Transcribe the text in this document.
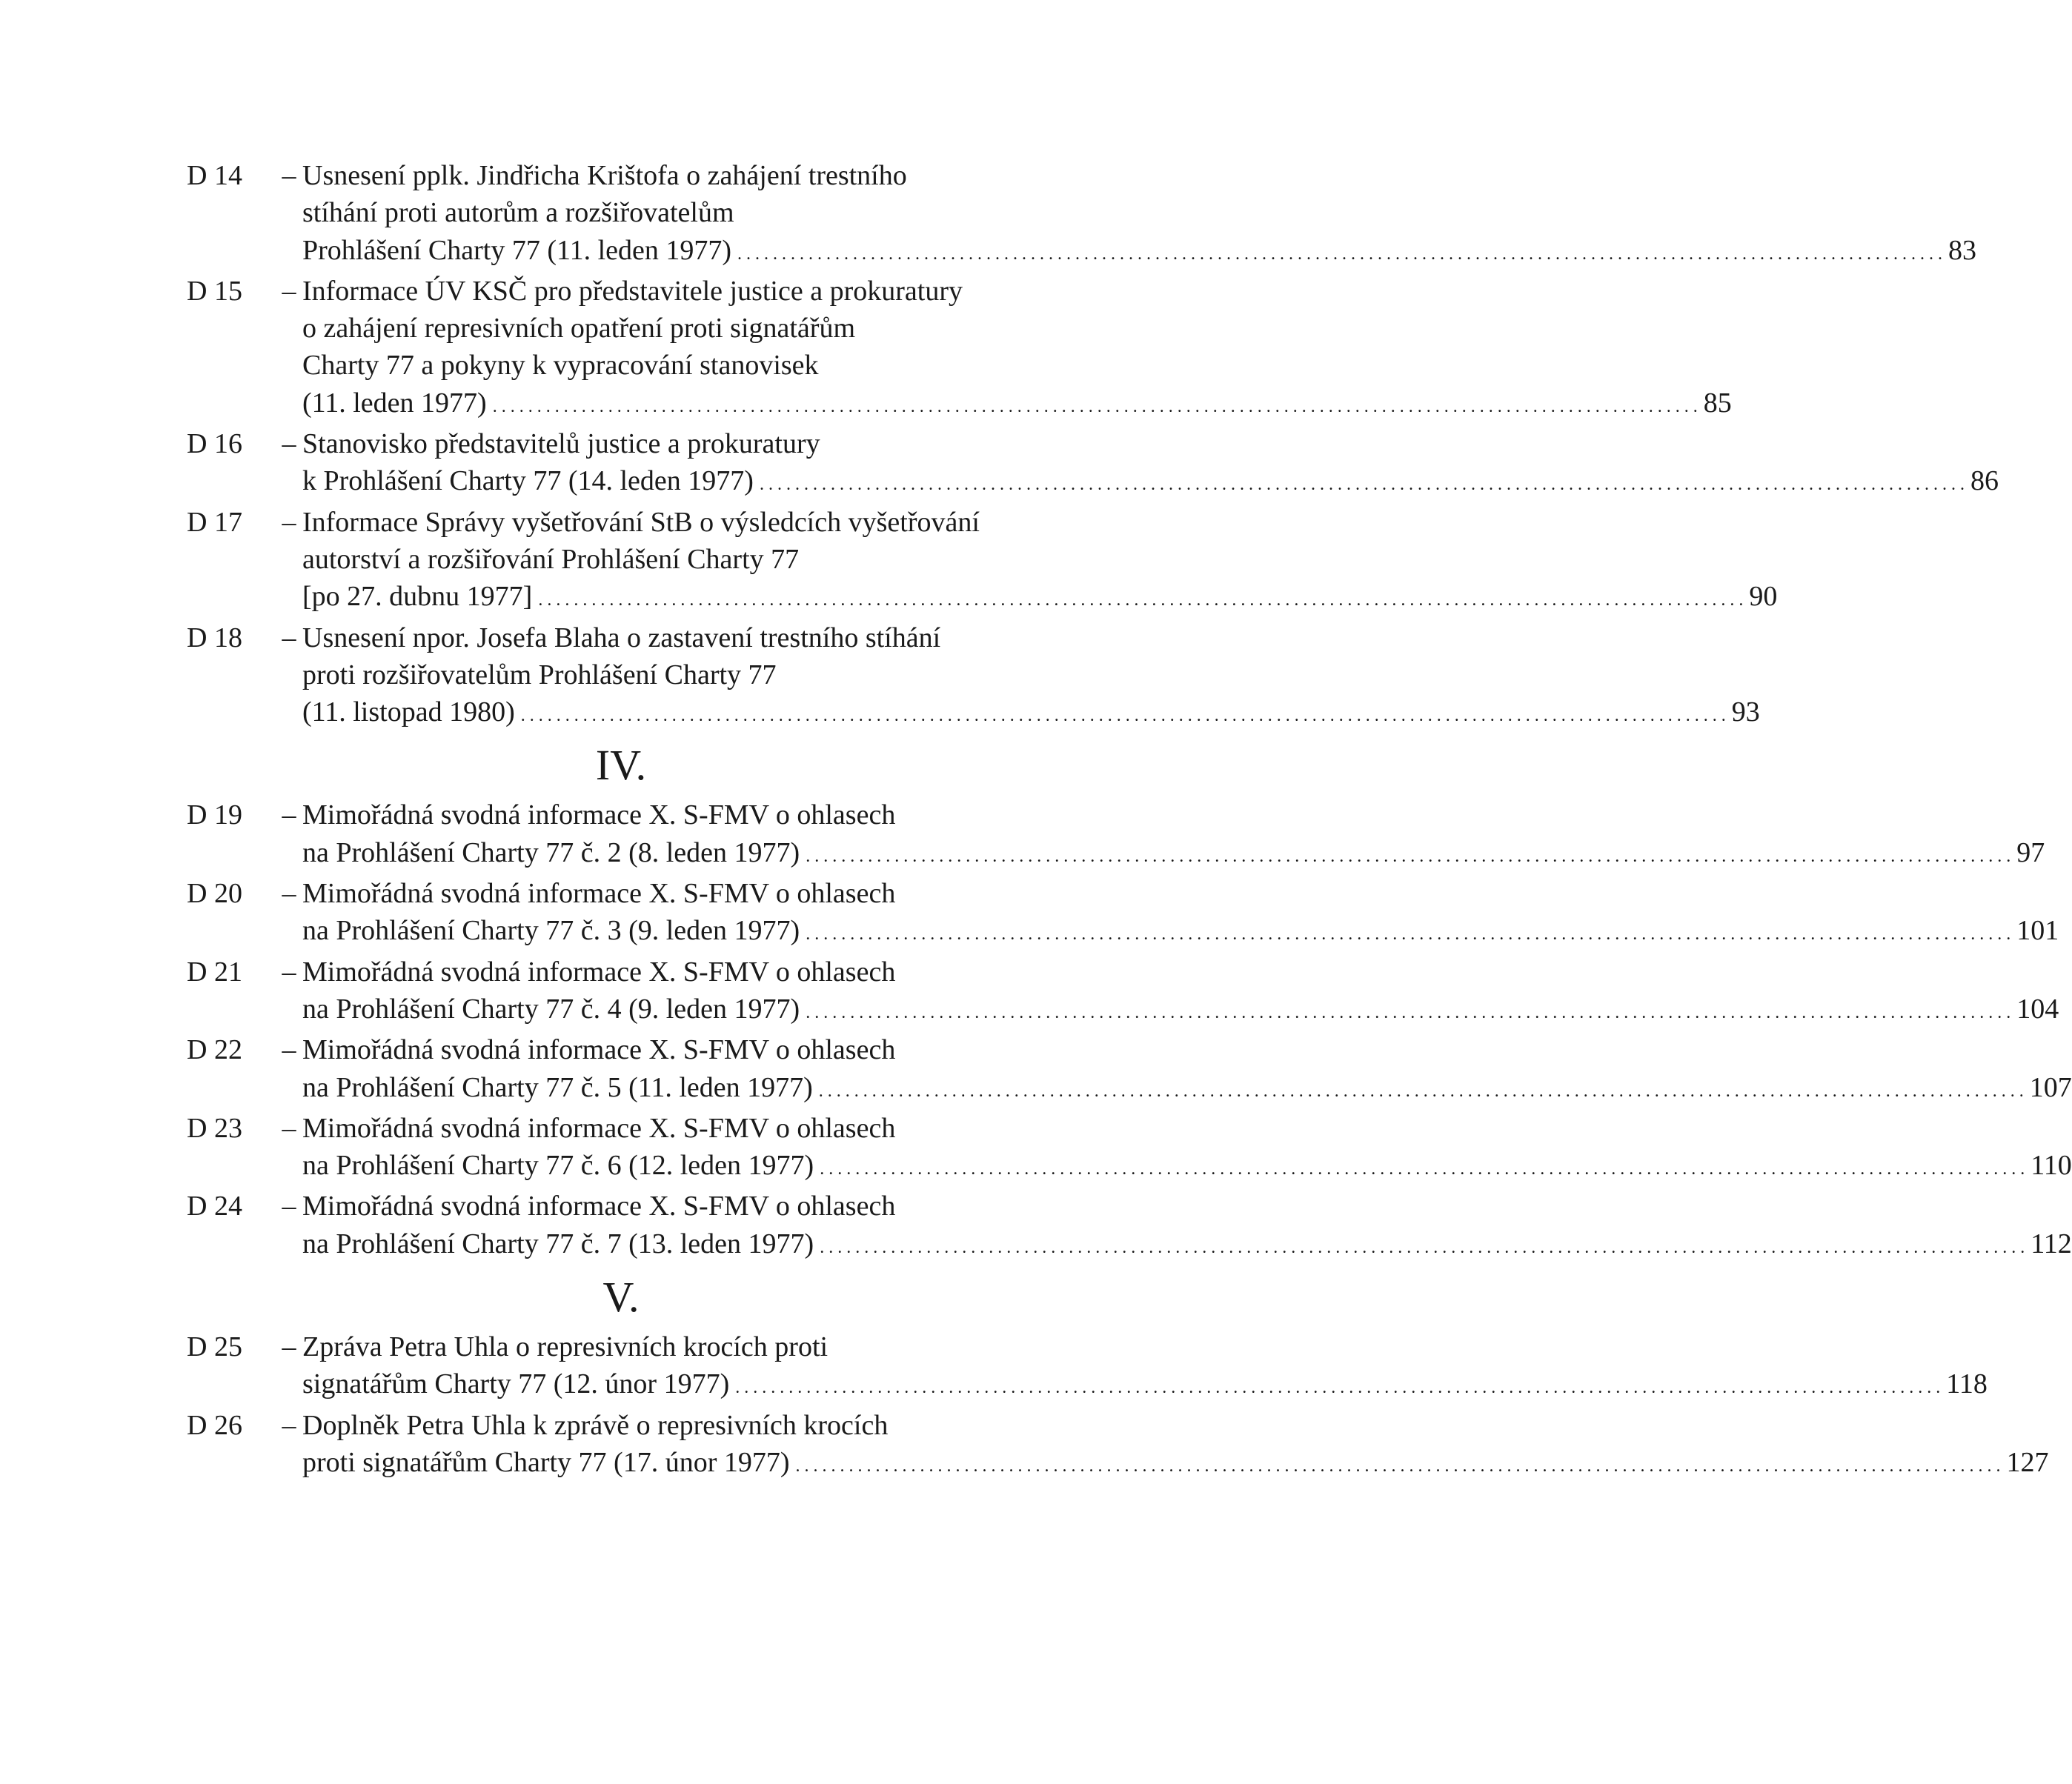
D 14	– Usnesení pplk. Jindřicha Krištofa o zahájení trestního
stíhání proti autorům a rozšiřovatelům
Prohlášení Charty 77 (11. leden 1977) . . .	83
D 15	– Informace ÚV KSČ pro představitele justice a prokuratury
o zahájení represivních opatření proti signatářům
Charty 77 a pokyny k vypracování stanovisek
(11. leden 1977) . . .	85
D 16	– Stanovisko představitelů justice a prokuratury
k Prohlášení Charty 77 (14. leden 1977) . . .	86
D 17	– Informace Správy vyšetřování StB o výsledcích vyšetřování
autorství a rozšiřování Prohlášení Charty 77
[po 27. dubnu 1977] . . .	90
D 18	– Usnesení npor. Josefa Blaha o zastavení trestního stíhání
proti rozšiřovatelům Prohlášení Charty 77
(11. listopad 1980) . . .	93
IV.
D 19	– Mimořádná svodná informace X. S-FMV o ohlasech
na Prohlášení Charty 77 č. 2 (8. leden 1977) . . .	97
D 20	– Mimořádná svodná informace X. S-FMV o ohlasech
na Prohlášení Charty 77 č. 3 (9. leden 1977) . . .	101
D 21	– Mimořádná svodná informace X. S-FMV o ohlasech
na Prohlášení Charty 77 č. 4 (9. leden 1977) . . .	104
D 22	– Mimořádná svodná informace X. S-FMV o ohlasech
na Prohlášení Charty 77 č. 5 (11. leden 1977) . . .	107
D 23	– Mimořádná svodná informace X. S-FMV o ohlasech
na Prohlášení Charty 77 č. 6 (12. leden 1977) . . .	110
D 24	– Mimořádná svodná informace X. S-FMV o ohlasech
na Prohlášení Charty 77 č. 7 (13. leden 1977) . . .	112
V.
D 25	– Zpráva Petra Uhla o represivních krocích proti
signatářům Charty 77 (12. únor 1977) . . .	118
D 26	– Doplněk Petra Uhla k zprávě o represivních krocích
proti signatářům Charty 77 (17. únor 1977) . . .	127
